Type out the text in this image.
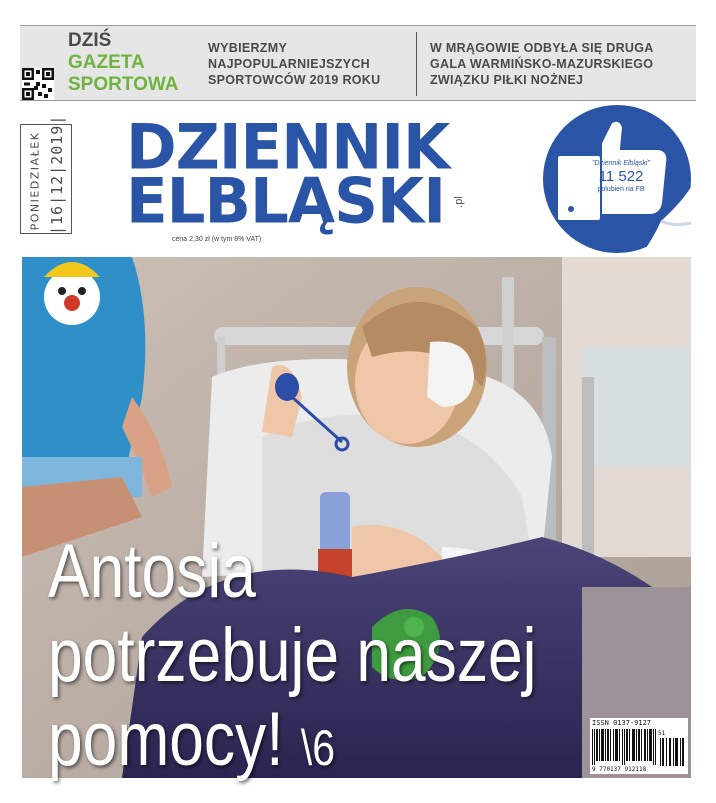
DZIŚ
GAZETA
SPORTOWA
WYBIERZMY NAJPOPULARNIEJSZYCH SPORTOWCÓW 2019 ROKU
W MRĄGOWIE ODBYŁA SIĘ DRUGA GALA WARMIŃSKO-MAZURSKIEGO ZWIĄZKU PIŁKI NOŻNEJ
PONIEDZIAŁEK |16|12|2019| DZIENNIK
ELBLĄSKI .pl
cena 2,30 zł (w tym 8% VAT)
"Dziennik Elbląski"
11 522
polubień na FB
Antosia
potrzebuje naszej
pomocy! \6	ISSN 0137-9127
51
9 770137 912118
